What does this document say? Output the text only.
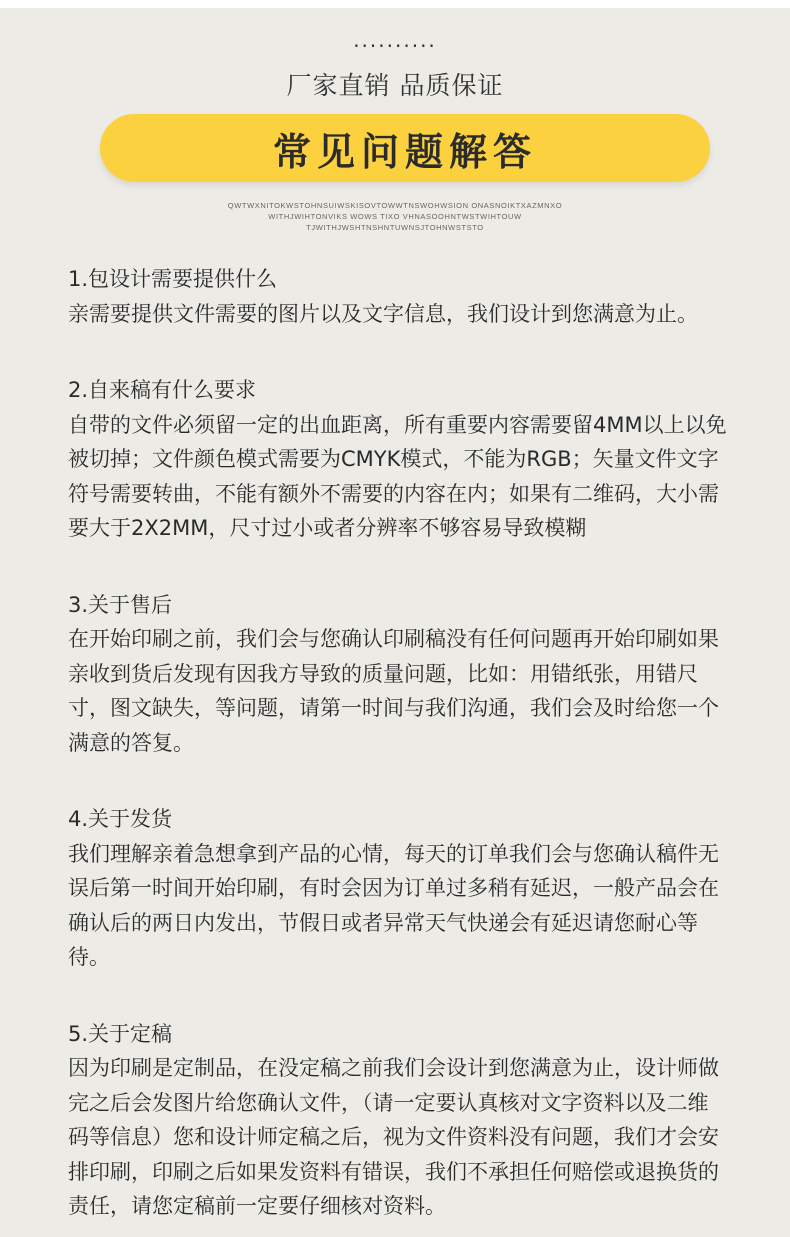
..........
厂家直销 品质保证
常见问题解答
QWTWXNITOKWSTOHNSUIWSKISOVTOWWTNSWOHWSION ONASNOIKTXAZMNXO
WITHJWIHTONVIKS WOWS TIXO VHNASOOHNTWSTWIHTOUW
TJWITHJWSHTNSHNTUWNSJTOHNWSTSTO

1.包设计需要提供什么

亲需要提供文件需要的图片以及文字信息，我们设计到您满意为止。

2.自来稿有什么要求

自带的文件必须留一定的出血距离，所有重要内容需要留4MM以上以免被切掉；文件颜色模式需要为CMYK模式，不能为RGB；矢量文件文字符号需要转曲，不能有额外不需要的内容在内；如果有二维码，大小需要大于2X2MM，尺寸过小或者分辨率不够容易导致模糊

3.关于售后

在开始印刷之前，我们会与您确认印刷稿没有任何问题再开始印刷如果亲收到货后发现有因我方导致的质量问题，比如：用错纸张，用错尺寸，图文缺失，等问题，请第一时间与我们沟通，我们会及时给您一个满意的答复。

4.关于发货

我们理解亲着急想拿到产品的心情，每天的订单我们会与您确认稿件无误后第一时间开始印刷，有时会因为订单过多稍有延迟，一般产品会在确认后的两日内发出，节假日或者异常天气快递会有延迟请您耐心等待。

5.关于定稿

因为印刷是定制品，在没定稿之前我们会设计到您满意为止，设计师做完之后会发图片给您确认文件，（请一定要认真核对文字资料以及二维码等信息）您和设计师定稿之后，视为文件资料没有问题，我们才会安排印刷，印刷之后如果发资料有错误，我们不承担任何赔偿或退换货的责任，请您定稿前一定要仔细核对资料。
